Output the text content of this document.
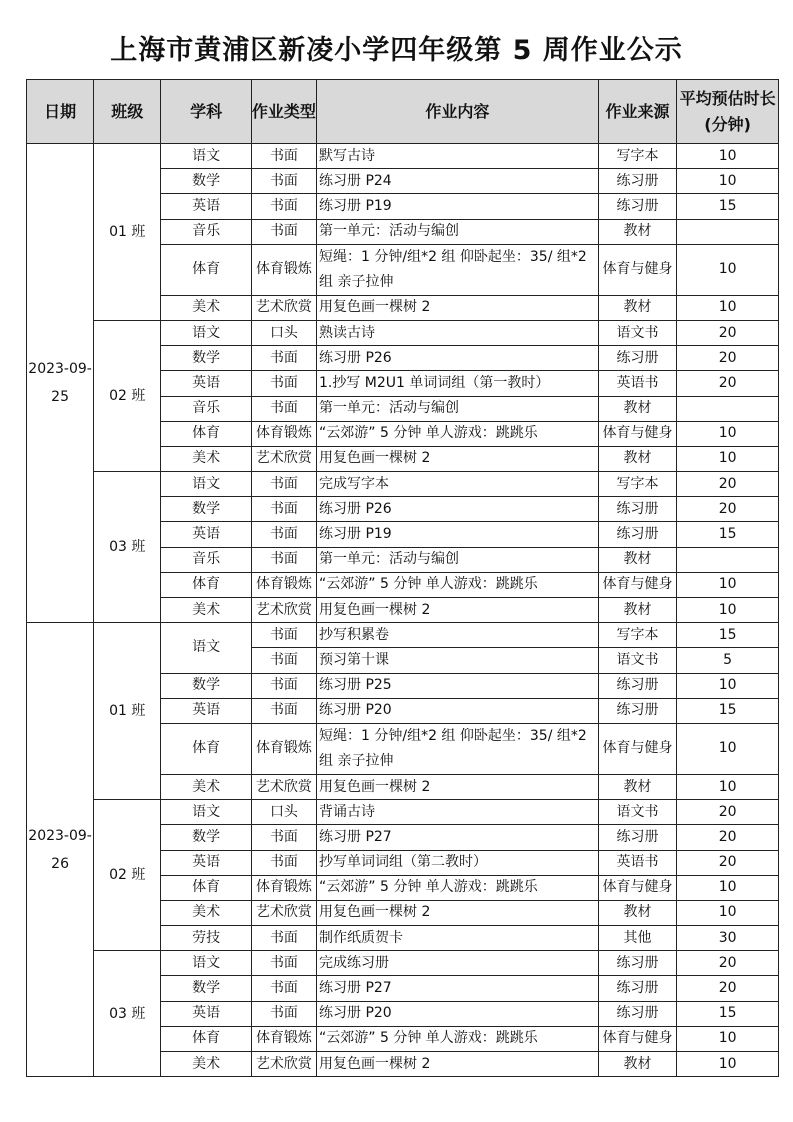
上海市黄浦区新凌小学四年级第 5 周作业公示
日期	班级	学科	作业类型	作业内容	作业来源	平均预估时长(分钟)
2023-09-25	01 班	语文	书面	默写古诗	写字本	10
		数学	书面	练习册 P24	练习册	10
		英语	书面	练习册 P19	练习册	15
		音乐	书面	第一单元：活动与编创	教材	
		体育	体育锻炼	短绳：1 分钟/组*2 组 仰卧起坐：35/ 组*2 组 亲子拉伸	体育与健身	10
		美术	艺术欣赏	用复色画一棵树 2	教材	10
	02 班	语文	口头	熟读古诗	语文书	20
		数学	书面	练习册 P26	练习册	20
		英语	书面	1.抄写 M2U1 单词词组（第一教时）	英语书	20
		音乐	书面	第一单元：活动与编创	教材	
		体育	体育锻炼	“云郊游” 5 分钟 单人游戏：跳跳乐	体育与健身	10
		美术	艺术欣赏	用复色画一棵树 2	教材	10
	03 班	语文	书面	完成写字本	写字本	20
		数学	书面	练习册 P26	练习册	20
		英语	书面	练习册 P19	练习册	15
		音乐	书面	第一单元：活动与编创	教材	
		体育	体育锻炼	“云郊游” 5 分钟 单人游戏：跳跳乐	体育与健身	10
		美术	艺术欣赏	用复色画一棵树 2	教材	10
2023-09-26	01 班	语文	书面	抄写积累卷	写字本	15
			书面	预习第十课	语文书	5
		数学	书面	练习册 P25	练习册	10
		英语	书面	练习册 P20	练习册	15
		体育	体育锻炼	短绳：1 分钟/组*2 组 仰卧起坐：35/ 组*2 组 亲子拉伸	体育与健身	10
		美术	艺术欣赏	用复色画一棵树 2	教材	10
	02 班	语文	口头	背诵古诗	语文书	20
		数学	书面	练习册 P27	练习册	20
		英语	书面	抄写单词词组（第二教时）	英语书	20
		体育	体育锻炼	“云郊游” 5 分钟 单人游戏：跳跳乐	体育与健身	10
		美术	艺术欣赏	用复色画一棵树 2	教材	10
		劳技	书面	制作纸质贺卡	其他	30
	03 班	语文	书面	完成练习册	练习册	20
		数学	书面	练习册 P27	练习册	20
		英语	书面	练习册 P20	练习册	15
		体育	体育锻炼	“云郊游” 5 分钟 单人游戏：跳跳乐	体育与健身	10
		美术	艺术欣赏	用复色画一棵树 2	教材	10
